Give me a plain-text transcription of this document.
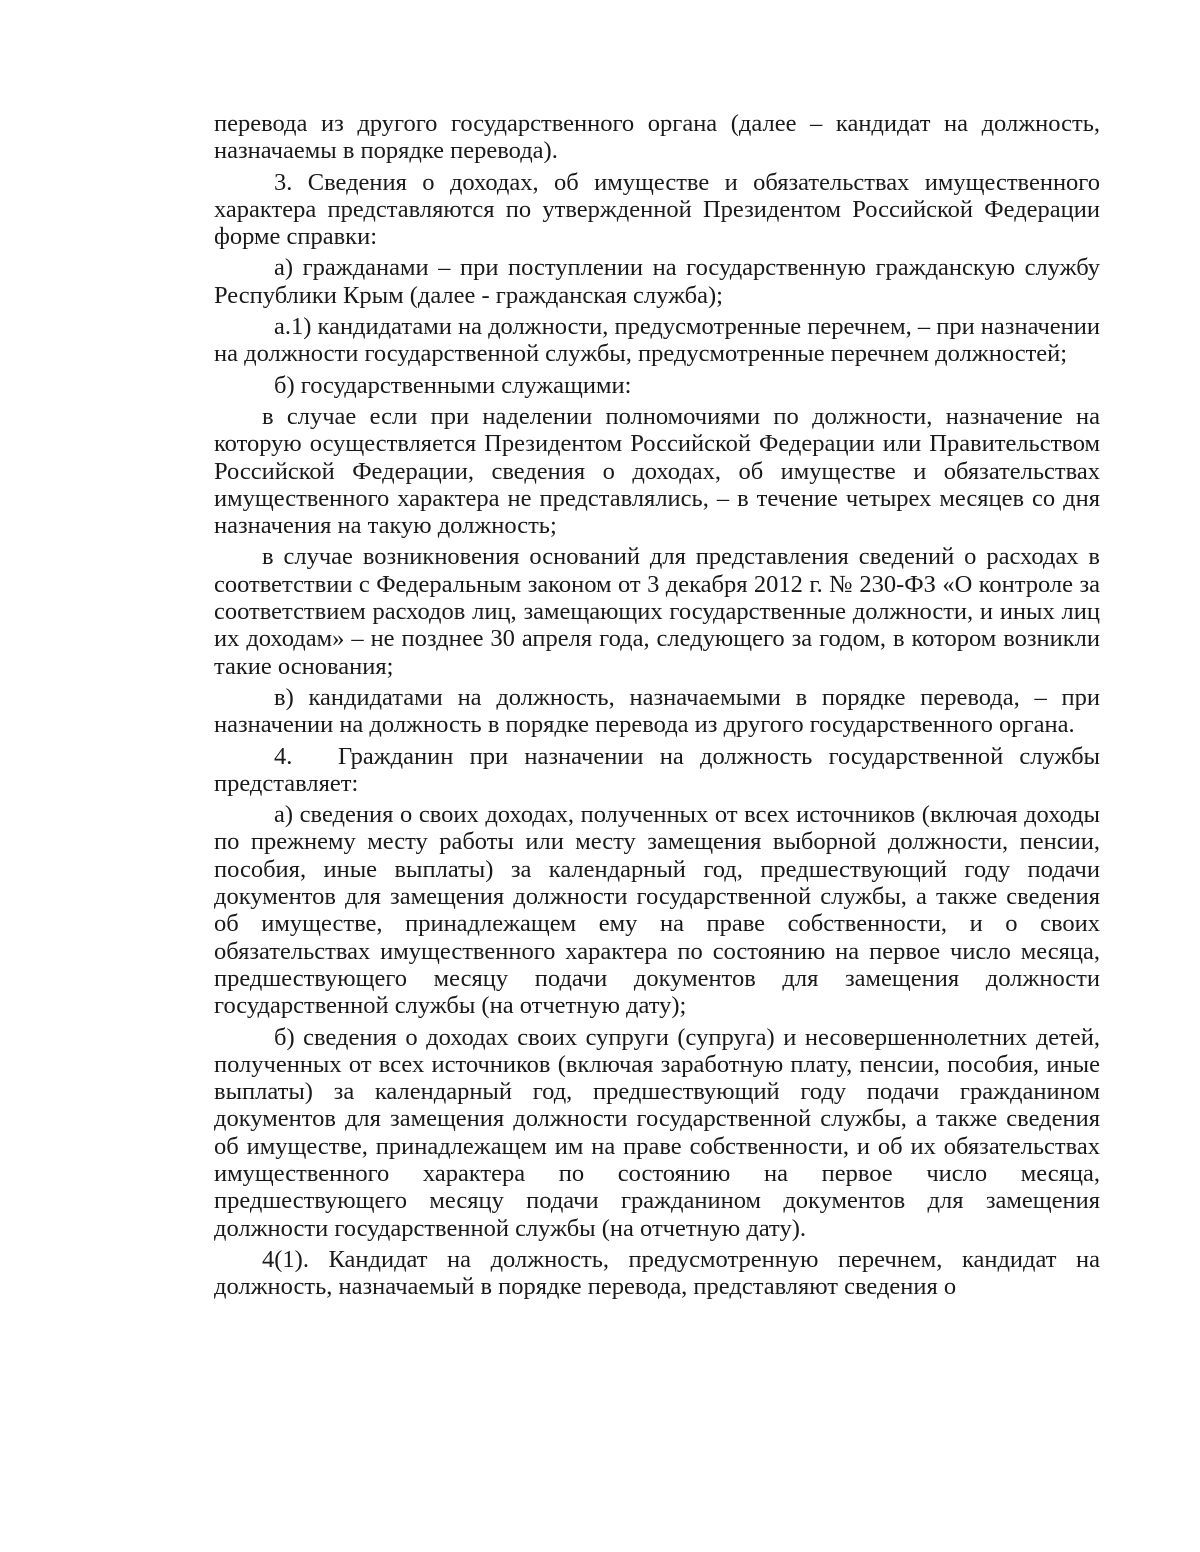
перевода из другого государственного органа (далее – кандидат на должность, назначаемы в порядке перевода).

3. Сведения о доходах, об имуществе и обязательствах имущественного характера представляются по утвержденной Президентом Российской Федерации форме справки:

а) гражданами – при поступлении на государственную гражданскую службу Республики Крым (далее - гражданская служба);

а.1) кандидатами на должности, предусмотренные перечнем, – при назначении на должности государственной службы, предусмотренные перечнем должностей;

б) государственными служащими:

в случае если при наделении полномочиями по должности, назначение на которую осуществляется Президентом Российской Федерации или Правительством Российской Федерации, сведения о доходах, об имуществе и обязательствах имущественного характера не представлялись, – в течение четырех месяцев со дня назначения на такую должность;

в случае возникновения оснований для представления сведений о расходах в соответствии с Федеральным законом от 3 декабря 2012 г. № 230-ФЗ «О контроле за соответствием расходов лиц, замещающих государственные должности, и иных лиц их доходам» – не позднее 30 апреля года, следующего за годом, в котором возникли такие основания;

в) кандидатами на должность, назначаемыми в порядке перевода, – при назначении на должность в порядке перевода из другого государственного органа.

4. Гражданин при назначении на должность государственной службы представляет:

а) сведения о своих доходах, полученных от всех источников (включая доходы по прежнему месту работы или месту замещения выборной должности, пенсии, пособия, иные выплаты) за календарный год, предшествующий году подачи документов для замещения должности государственной службы, а также сведения об имуществе, принадлежащем ему на праве собственности, и о своих обязательствах имущественного характера по состоянию на первое число месяца, предшествующего месяцу подачи документов для замещения должности государственной службы (на отчетную дату);

б) сведения о доходах своих супруги (супруга) и несовершеннолетних детей, полученных от всех источников (включая заработную плату, пенсии, пособия, иные выплаты) за календарный год, предшествующий году подачи гражданином документов для замещения должности государственной службы, а также сведения об имуществе, принадлежащем им на праве собственности, и об их обязательствах имущественного характера по состоянию на первое число месяца, предшествующего месяцу подачи гражданином документов для замещения должности государственной службы (на отчетную дату).

4(1). Кандидат на должность, предусмотренную перечнем, кандидат на должность, назначаемый в порядке перевода, представляют сведения о
